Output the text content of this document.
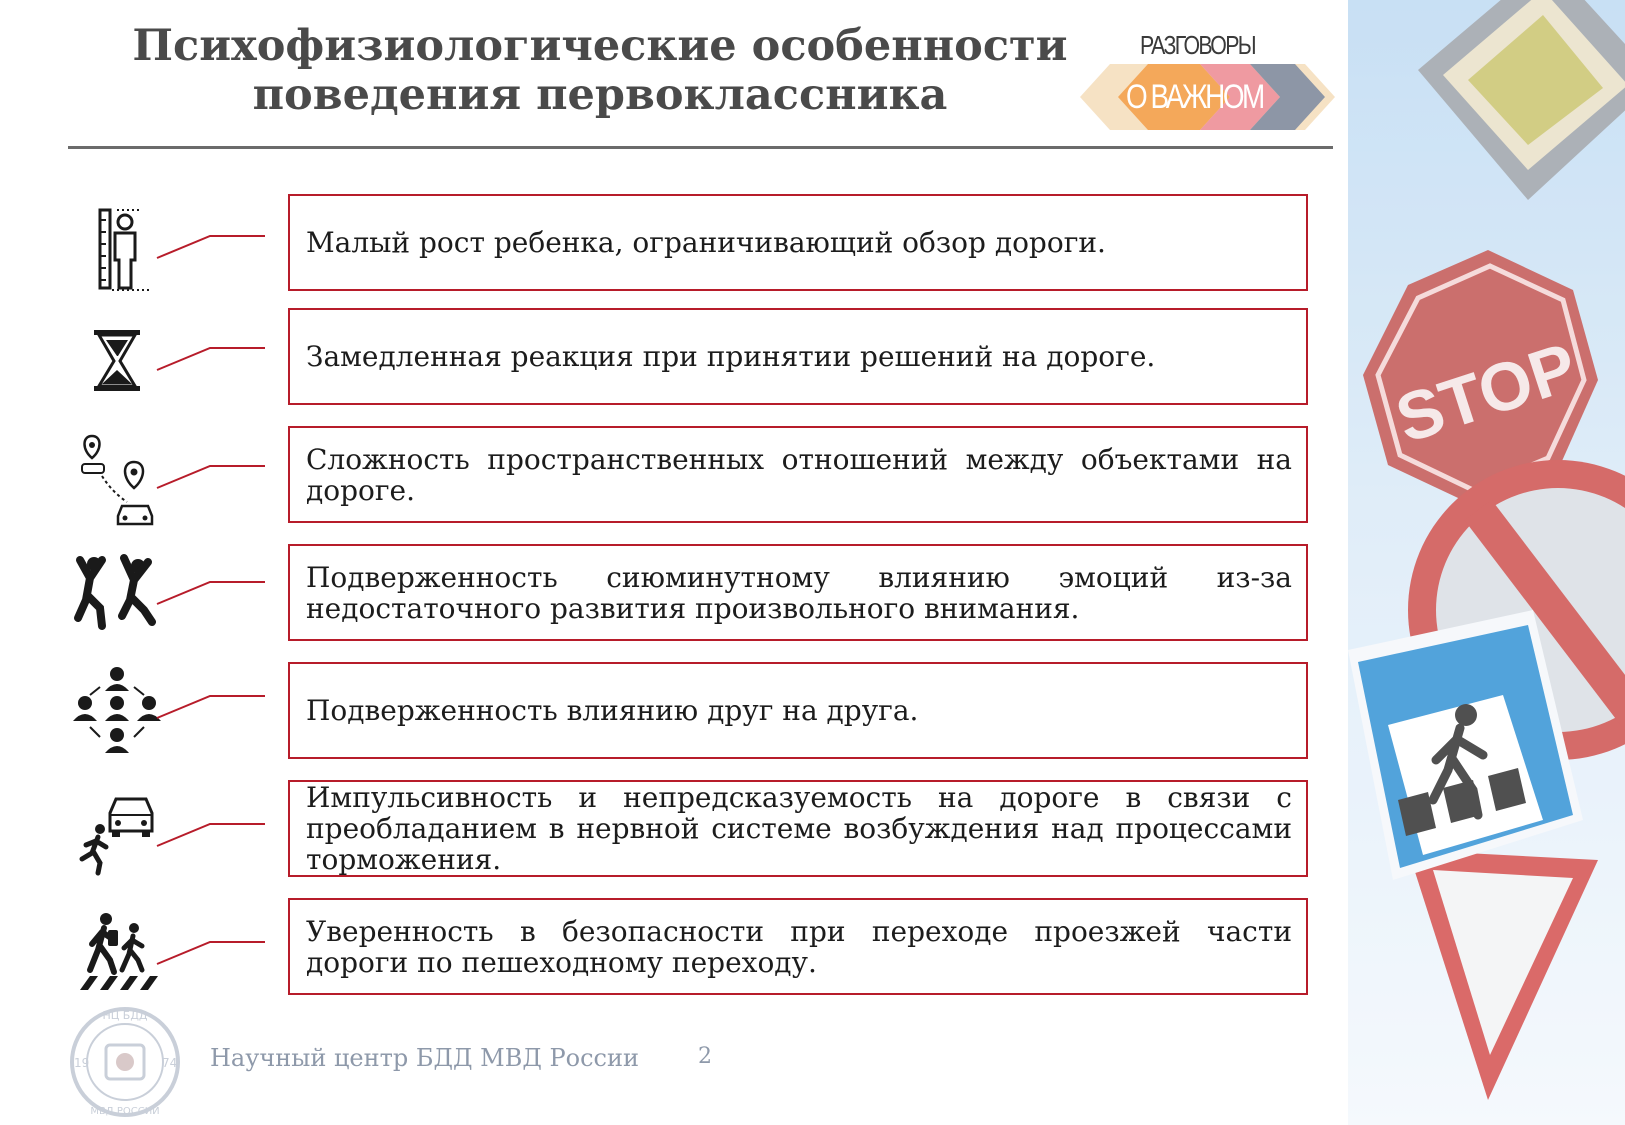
Психофизиологические особенности
поведения первоклассника
РАЗГОВОРЫ
О ВАЖНОМ
STOP
Малый рост ребенка, ограничивающий обзор дороги.
Замедленная реакция при принятии решений на дороге.
Сложность пространственных отношений между объектами на дороге.
Подверженность сиюминутному влиянию эмоций из-за недостаточного развития произвольного внимания.
Подверженность влиянию друг на друга.
Импульсивность и непредсказуемость на дороге в связи с преобладанием в нервной системе возбуждения над процессами торможения.
Уверенность в безопасности при переходе проезжей части дороги по пешеходному переходу.
НЦ БДД
МВД РОССИИ
19	74 Научный центр БДД МВД России	2
